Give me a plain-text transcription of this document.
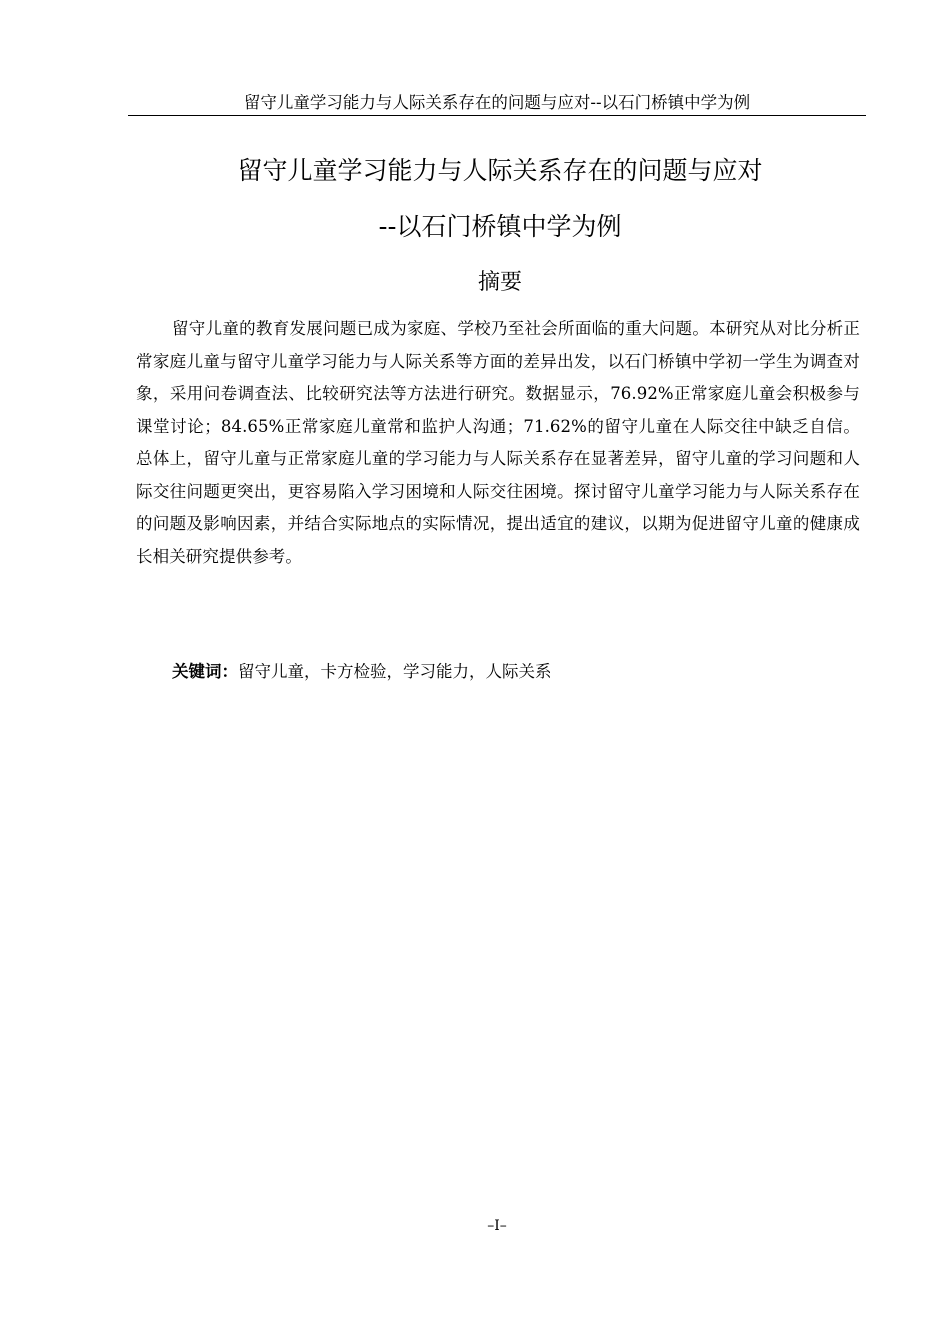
留守儿童学习能力与人际关系存在的问题与应对--以石门桥镇中学为例
留守儿童学习能力与人际关系存在的问题与应对
--以石门桥镇中学为例
摘要

留守儿童的教育发展问题已成为家庭、学校乃至社会所面临的重大问题。本研究从对比分析正常家庭儿童与留守儿童学习能力与人际关系等方面的差异出发，以石门桥镇中学初一学生为调查对象，采用问卷调查法、比较研究法等方法进行研究。数据显示，76.92%正常家庭儿童会积极参与课堂讨论；84.65%正常家庭儿童常和监护人沟通；71.62%的留守儿童在人际交往中缺乏自信。总体上，留守儿童与正常家庭儿童的学习能力与人际关系存在显著差异，留守儿童的学习问题和人际交往问题更突出，更容易陷入学习困境和人际交往困境。探讨留守儿童学习能力与人际关系存在的问题及影响因素，并结合实际地点的实际情况，提出适宜的建议，以期为促进留守儿童的健康成长相关研究提供参考。

关键词：留守儿童，卡方检验，学习能力，人际关系
–I–
